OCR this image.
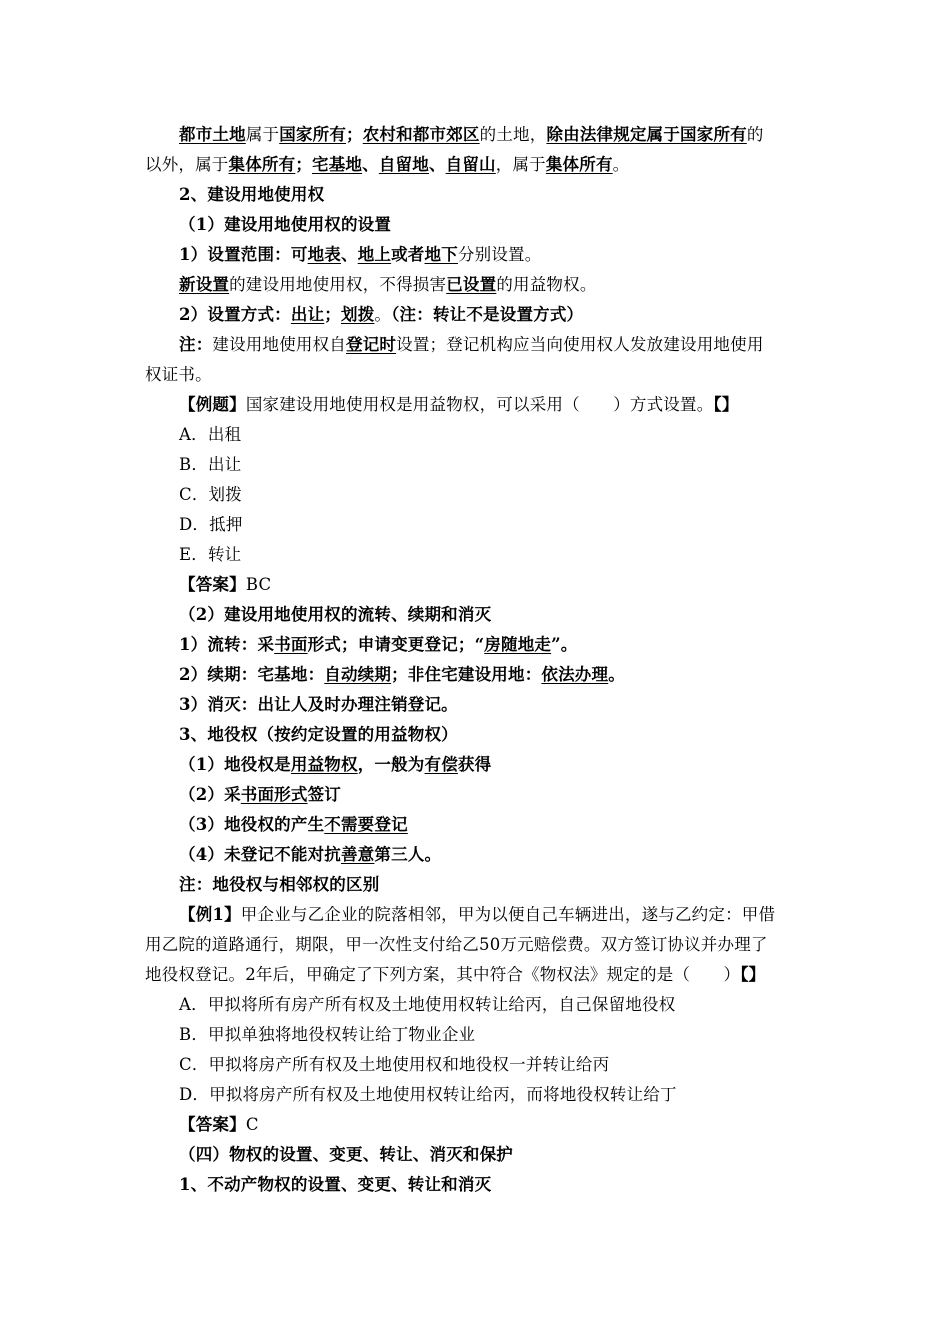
都市土地属于国家所有；农村和都市郊区的土地，除由法律规定属于国家所有的
以外，属于集体所有；宅基地、自留地、自留山，属于集体所有。
2、建设用地使用权
（1）建设用地使用权的设置
1）设置范围：可地表、地上或者地下分别设置。
新设置的建设用地使用权，不得损害已设置的用益物权。
2）设置方式：出让；划拨。（注：转让不是设置方式）
注：建设用地使用权自登记时设置；登记机构应当向使用权人发放建设用地使用
权证书。
【例题】国家建设用地使用权是用益物权，可以采用（　　）方式设置。【】
A．出租
B．出让
C．划拨
D．抵押
E．转让
【答案】BC
（2）建设用地使用权的流转、续期和消灭
1）流转：采书面形式；申请变更登记；“房随地走”。
2）续期：宅基地：自动续期；非住宅建设用地：依法办理。
3）消灭：出让人及时办理注销登记。
3、地役权（按约定设置的用益物权）
（1）地役权是用益物权，一般为有偿获得
（2）采书面形式签订
（3）地役权的产生不需要登记
（4）未登记不能对抗善意第三人。
注：地役权与相邻权的区别
【例1】甲企业与乙企业的院落相邻，甲为以便自己车辆进出，遂与乙约定：甲借
用乙院的道路通行，期限，甲一次性支付给乙50万元赔偿费。双方签订协议并办理了
地役权登记。2年后，甲确定了下列方案，其中符合《物权法》规定的是（　　）【】
A．甲拟将所有房产所有权及土地使用权转让给丙，自己保留地役权
B．甲拟单独将地役权转让给丁物业企业
C．甲拟将房产所有权及土地使用权和地役权一并转让给丙
D．甲拟将房产所有权及土地使用权转让给丙，而将地役权转让给丁
【答案】C
（四）物权的设置、变更、转让、消灭和保护
1、不动产物权的设置、变更、转让和消灭
